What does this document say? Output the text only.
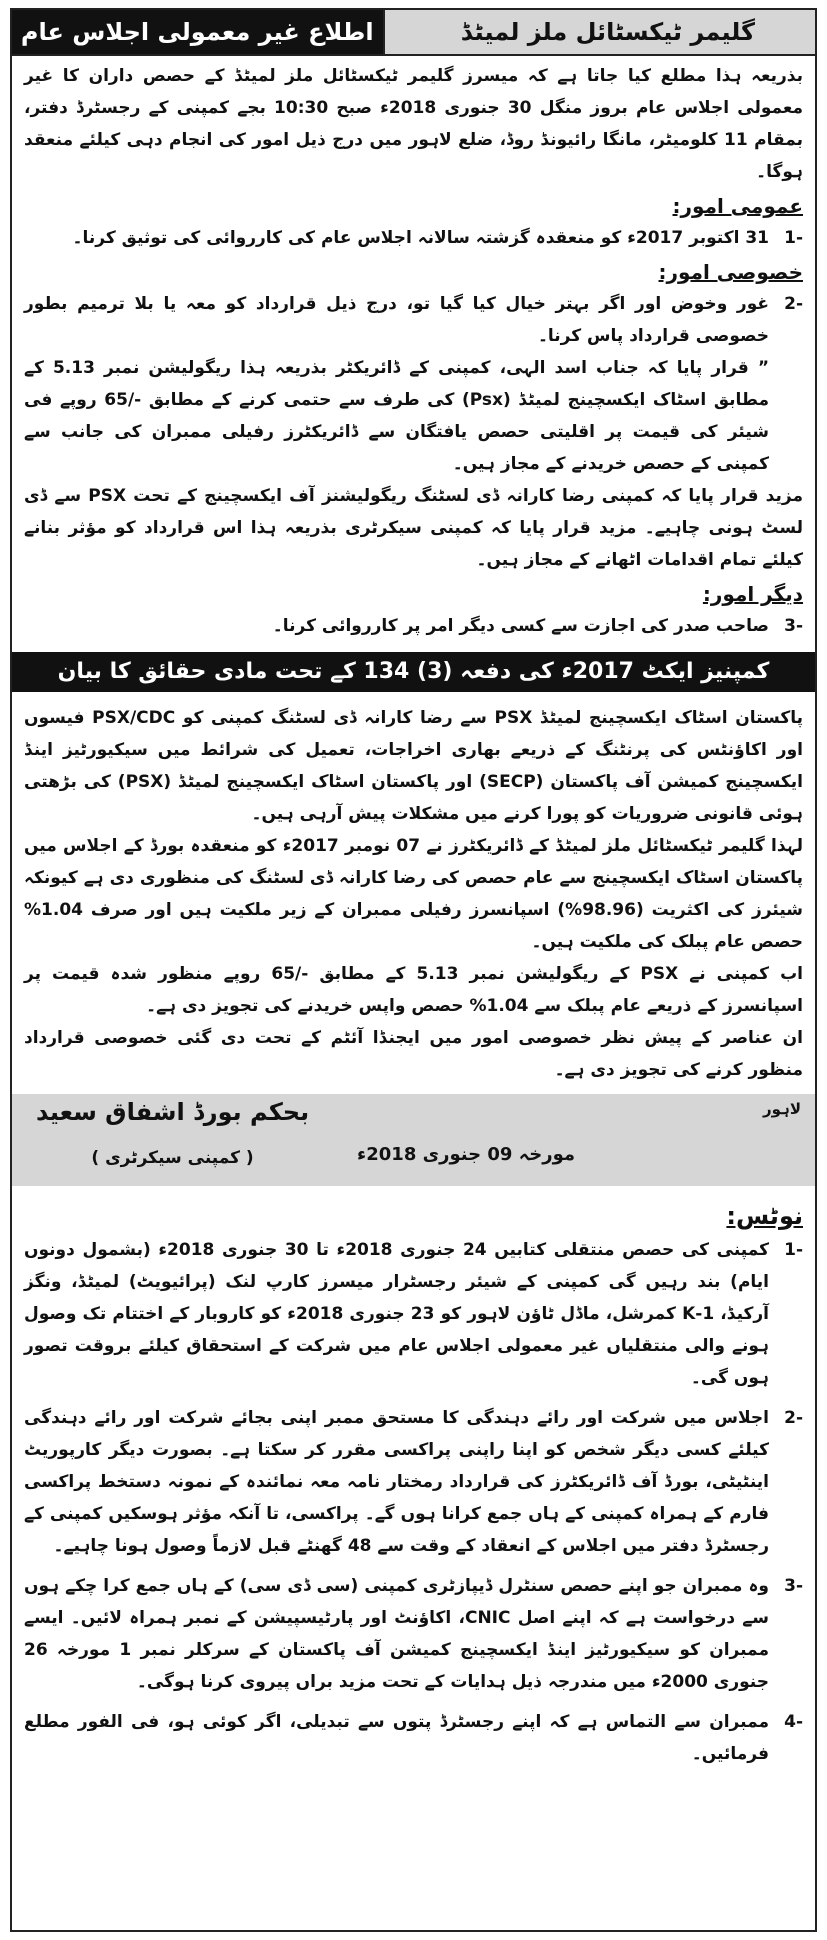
گلیمر ٹیکسٹائل ملز لمیٹڈ
اطلاع غیر معمولی اجلاس عام

بذریعہ ہذا مطلع کیا جاتا ہے کہ میسرز گلیمر ٹیکسٹائل ملز لمیٹڈ کے حصص داران کا غیر معمولی اجلاس عام بروز منگل 30 جنوری 2018ء صبح 10:30 بجے کمپنی کے رجسٹرڈ دفتر، بمقام 11 کلومیٹر، مانگا رائیونڈ روڈ، ضلع لاہور میں درج ذیل امور کی انجام دہی کیلئے منعقد ہوگا۔

عمومی امور:
-1
31 اکتوبر 2017ء کو منعقدہ گزشتہ سالانہ اجلاس عام کی کارروائی کی توثیق کرنا۔
خصوصی امور:
-2
غور وخوض اور اگر بہتر خیال کیا گیا تو، درج ذیل قرارداد کو معہ یا بلا ترمیم بطور خصوصی قرارداد پاس کرنا۔

” قرار پایا کہ جناب اسد الہی، کمپنی کے ڈائریکٹر بذریعہ ہذا ریگولیشن نمبر 5.13 کے مطابق اسٹاک ایکسچینج لمیٹڈ (Psx) کی طرف سے حتمی کرنے کے مطابق -/65 روپے فی شیئر کی قیمت پر اقلیتی حصص یافتگان سے ڈائریکٹرز رفیلی ممبران کی جانب سے کمپنی کے حصص خریدنے کے مجاز ہیں۔

مزید قرار پایا کہ کمپنی رضا کارانہ ڈی لسٹنگ ریگولیشنز آف ایکسچینج کے تحت PSX سے ڈی لسٹ ہونی چاہیے۔ مزید قرار پایا کہ کمپنی سیکرٹری بذریعہ ہذا اس قرارداد کو مؤثر بنانے کیلئے تمام اقدامات اٹھانے کے مجاز ہیں۔

دیگر امور:
-3
صاحب صدر کی اجازت سے کسی دیگر امر پر کارروائی کرنا۔
کمپنیز ایکٹ 2017ء کی دفعہ (3) 134 کے تحت مادی حقائق کا بیان

پاکستان اسٹاک ایکسچینج لمیٹڈ PSX سے رضا کارانہ ڈی لسٹنگ کمپنی کو PSX/CDC فیسوں اور اکاؤنٹس کی پرنٹنگ کے ذریعے بھاری اخراجات، تعمیل کی شرائط میں سیکیورٹیز اینڈ ایکسچینج کمیشن آف پاکستان (SECP) اور پاکستان اسٹاک ایکسچینج لمیٹڈ (PSX) کی بڑھتی ہوئی قانونی ضروریات کو پورا کرنے میں مشکلات پیش آرہی ہیں۔

لہذا گلیمر ٹیکسٹائل ملز لمیٹڈ کے ڈائریکٹرز نے 07 نومبر 2017ء کو منعقدہ بورڈ کے اجلاس میں پاکستان اسٹاک ایکسچینج سے عام حصص کی رضا کارانہ ڈی لسٹنگ کی منظوری دی ہے کیونکہ شیئرز کی اکثریت (98.96%) اسپانسرز رفیلی ممبران کے زیر ملکیت ہیں اور صرف 1.04% حصص عام پبلک کی ملکیت ہیں۔

اب کمپنی نے PSX کے ریگولیشن نمبر 5.13 کے مطابق -/65 روپے منظور شدہ قیمت پر اسپانسرز کے ذریعے عام پبلک سے 1.04% حصص واپس خریدنے کی تجویز دی ہے۔

ان عناصر کے پیش نظر خصوصی امور میں ایجنڈا آئٹم کے تحت دی گئی خصوصی قرارداد منظور کرنے کی تجویز دی ہے۔

لاہور
مورخہ 09 جنوری 2018ء
بحکم بورڈ اشفاق سعید
( کمپنی سیکرٹری )
نوٹس:
-1
کمپنی کی حصص منتقلی کتابیں 24 جنوری 2018ء تا 30 جنوری 2018ء (بشمول دونوں ایام) بند رہیں گی کمپنی کے شیئر رجسٹرار میسرز کارپ لنک (پرائیویٹ) لمیٹڈ، ونگز آرکیڈ، 1-K کمرشل، ماڈل ٹاؤن لاہور کو 23 جنوری 2018ء کو کاروبار کے اختتام تک وصول ہونے والی منتقلیاں غیر معمولی اجلاس عام میں شرکت کے استحقاق کیلئے بروقت تصور ہوں گی۔
-2
اجلاس میں شرکت اور رائے دہندگی کا مستحق ممبر اپنی بجائے شرکت اور رائے دہندگی کیلئے کسی دیگر شخص کو اپنا راپنی پراکسی مقرر کر سکتا ہے۔ بصورت دیگر کارپوریٹ اینٹیٹی، بورڈ آف ڈائریکٹرز کی قرارداد رمختار نامہ معہ نمائندہ کے نمونہ دستخط پراکسی فارم کے ہمراہ کمپنی کے ہاں جمع کرانا ہوں گے۔ پراکسی، تا آنکہ مؤثر ہوسکیں کمپنی کے رجسٹرڈ دفتر میں اجلاس کے انعقاد کے وقت سے 48 گھنٹے قبل لازماً وصول ہونا چاہیے۔
-3
وہ ممبران جو اپنے حصص سنٹرل ڈیپازٹری کمپنی (سی ڈی سی) کے ہاں جمع کرا چکے ہوں سے درخواست ہے کہ اپنے اصل CNIC، اکاؤنٹ اور پارٹیسپیشن کے نمبر ہمراہ لائیں۔ ایسے ممبران کو سیکیورٹیز اینڈ ایکسچینج کمیشن آف پاکستان کے سرکلر نمبر 1 مورخہ 26 جنوری 2000ء میں مندرجہ ذیل ہدایات کے تحت مزید براں پیروی کرنا ہوگی۔
-4
ممبران سے التماس ہے کہ اپنے رجسٹرڈ پتوں سے تبدیلی، اگر کوئی ہو، فی الفور مطلع فرمائیں۔
